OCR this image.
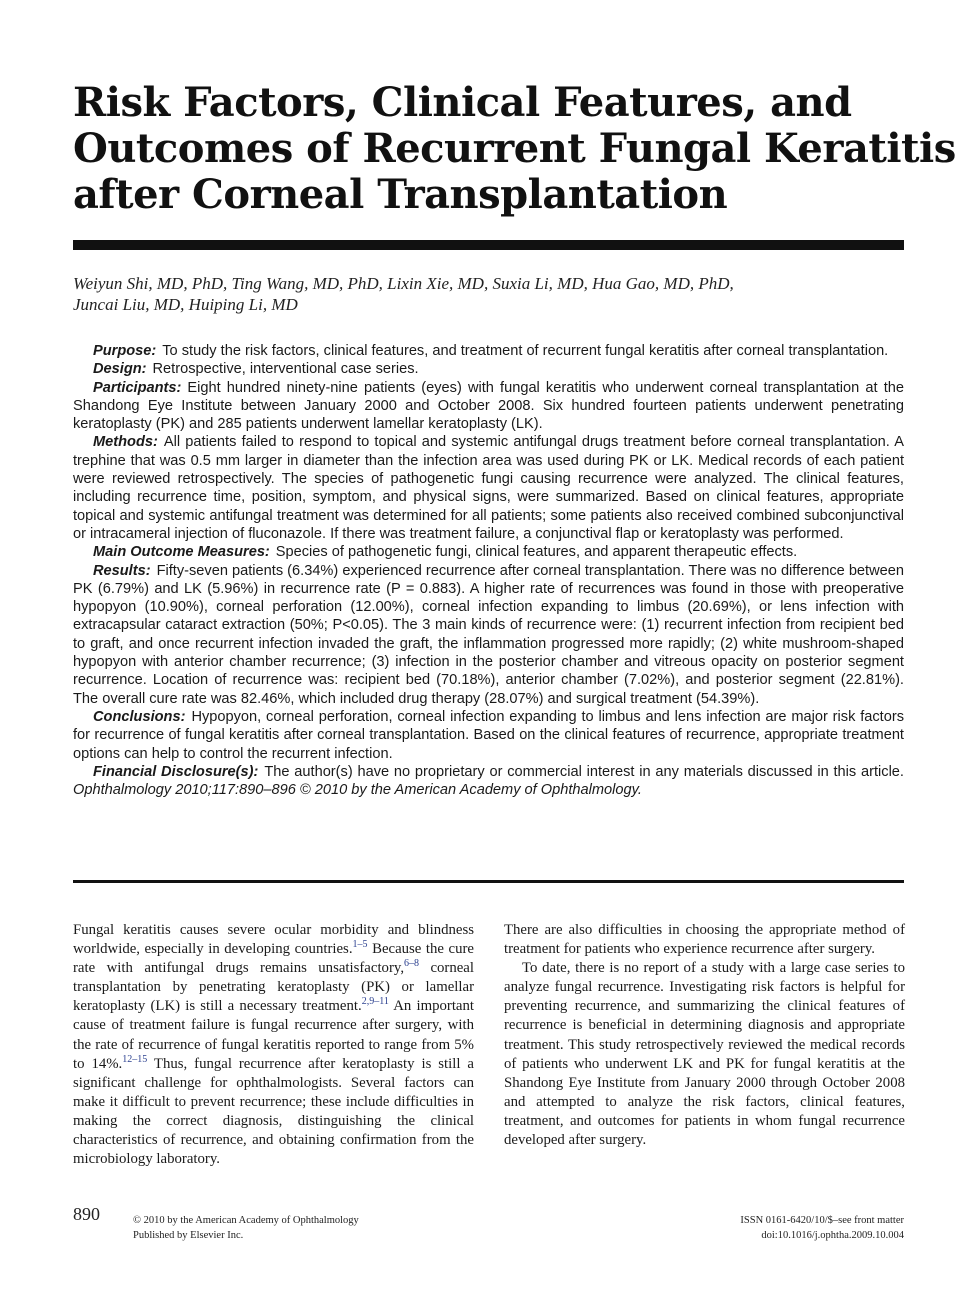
Risk Factors, Clinical Features, and
Outcomes of Recurrent Fungal Keratitis
after Corneal Transplantation
Weiyun Shi, MD, PhD, Ting Wang, MD, PhD, Lixin Xie, MD, Suxia Li, MD, Hua Gao, MD, PhD,
Juncai Liu, MD, Huiping Li, MD

Purpose: To study the risk factors, clinical features, and treatment of recurrent fungal keratitis after corneal transplantation.

Design: Retrospective, interventional case series.

Participants: Eight hundred ninety-nine patients (eyes) with fungal keratitis who underwent corneal transplantation at the Shandong Eye Institute between January 2000 and October 2008. Six hundred fourteen patients underwent penetrating keratoplasty (PK) and 285 patients underwent lamellar keratoplasty (LK).

Methods: All patients failed to respond to topical and systemic antifungal drugs treatment before corneal transplantation. A trephine that was 0.5 mm larger in diameter than the infection area was used during PK or LK. Medical records of each patient were reviewed retrospectively. The species of pathogenetic fungi causing recurrence were analyzed. The clinical features, including recurrence time, position, symptom, and physical signs, were summarized. Based on clinical features, appropriate topical and systemic antifungal treatment was determined for all patients; some patients also received combined subconjunctival or intracameral injection of fluconazole. If there was treatment failure, a conjunctival flap or keratoplasty was performed.

Main Outcome Measures: Species of pathogenetic fungi, clinical features, and apparent therapeutic effects.

Results: Fifty-seven patients (6.34%) experienced recurrence after corneal transplantation. There was no difference between PK (6.79%) and LK (5.96%) in recurrence rate (P = 0.883). A higher rate of recurrences was found in those with preoperative hypopyon (10.90%), corneal perforation (12.00%), corneal infection expanding to limbus (20.69%), or lens infection with extracapsular cataract extraction (50%; P<0.05). The 3 main kinds of recurrence were: (1) recurrent infection from recipient bed to graft, and once recurrent infection invaded the graft, the inflammation progressed more rapidly; (2) white mushroom-shaped hypopyon with anterior chamber recurrence; (3) infection in the posterior chamber and vitreous opacity on posterior segment recurrence. Location of recurrence was: recipient bed (70.18%), anterior chamber (7.02%), and posterior segment (22.81%). The overall cure rate was 82.46%, which included drug therapy (28.07%) and surgical treatment (54.39%).

Conclusions: Hypopyon, corneal perforation, corneal infection expanding to limbus and lens infection are major risk factors for recurrence of fungal keratitis after corneal transplantation. Based on the clinical features of recurrence, appropriate treatment options can help to control the recurrent infection.

Financial Disclosure(s): The author(s) have no proprietary or commercial interest in any materials discussed in this article. Ophthalmology 2010;117:890–896 © 2010 by the American Academy of Ophthalmology.

Fungal keratitis causes severe ocular morbidity and blindness worldwide, especially in developing countries.$^{1-5}$ Because the cure rate with antifungal drugs remains unsatisfactory,$^{6-8}$ corneal transplantation by penetrating keratoplasty (PK) or lamellar keratoplasty (LK) is still a necessary treatment.$^{2,9-11}$ An important cause of treatment failure is fungal recurrence after surgery, with the rate of recurrence of fungal keratitis reported to range from 5% to 14%.$^{12-15}$ Thus, fungal recurrence after keratoplasty is still a significant challenge for ophthalmologists. Several factors can make it difficult to prevent recurrence; these include difficulties in making the correct diagnosis, distinguishing the clinical characteristics of recurrence, and obtaining confirmation from the microbiology laboratory.

There are also difficulties in choosing the appropriate method of treatment for patients who experience recurrence after surgery.

To date, there is no report of a study with a large case series to analyze fungal recurrence. Investigating risk factors is helpful for preventing recurrence, and summarizing the clinical features of recurrence is beneficial in determining diagnosis and appropriate treatment. This study retrospectively reviewed the medical records of patients who underwent LK and PK for fungal keratitis at the Shandong Eye Institute from January 2000 through October 2008 and attempted to analyze the risk factors, clinical features, treatment, and outcomes for patients in whom fungal recurrence developed after surgery.

890	© 2010 by the American Academy of Ophthalmology
Published by Elsevier Inc.
ISSN 0161-6420/10/$–see front matter
doi:10.1016/j.ophtha.2009.10.004
